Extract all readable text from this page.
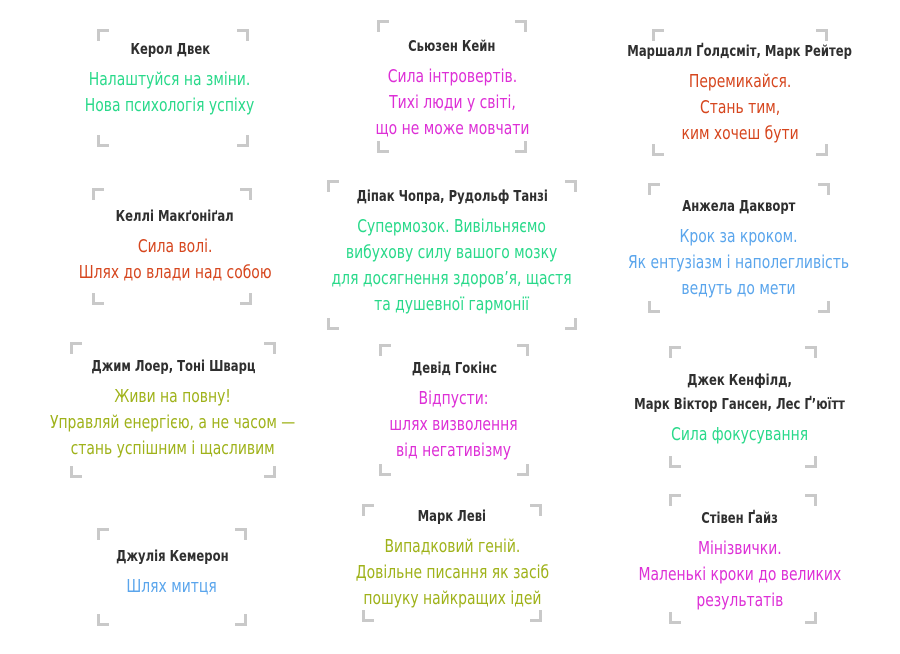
Керол Двек
Налаштуйся на зміни.
Нова психологія успіху
Сьюзен Кейн
Сила інтровертів.
Тихі люди у світі,
що не може мовчати
Маршалл Ґолдсміт, Марк Рейтер
Перемикайся.
Стань тим,
ким хочеш бути
Келлі Макґоніґал
Сила волі.
Шлях до влади над собою
Діпак Чопра, Рудольф Танзі
Супермозок. Вивільняємо
вибухову силу вашого мозку
для досягнення здоров’я, щастя
та душевної гармонії
Анжела Дакворт
Крок за кроком.
Як ентузіазм і наполегливість
ведуть до мети
Джим Лоер, Тоні Шварц
Живи на повну!
Управляй енергією, а не часом —
стань успішним і щасливим
Девід Гокінс
Відпусти:
шлях визволення
від негативізму
Джек Кенфілд,
Марк Віктор Гансен, Лес Ґ’юїтт
Сила фокусування
Джулія Кемерон
Шлях митця
Марк Леві
Випадковий геній.
Довільне писання як засіб
пошуку найкращих ідей
Стівен Ґайз
Мінізвички.
Маленькі кроки до великих
результатів
